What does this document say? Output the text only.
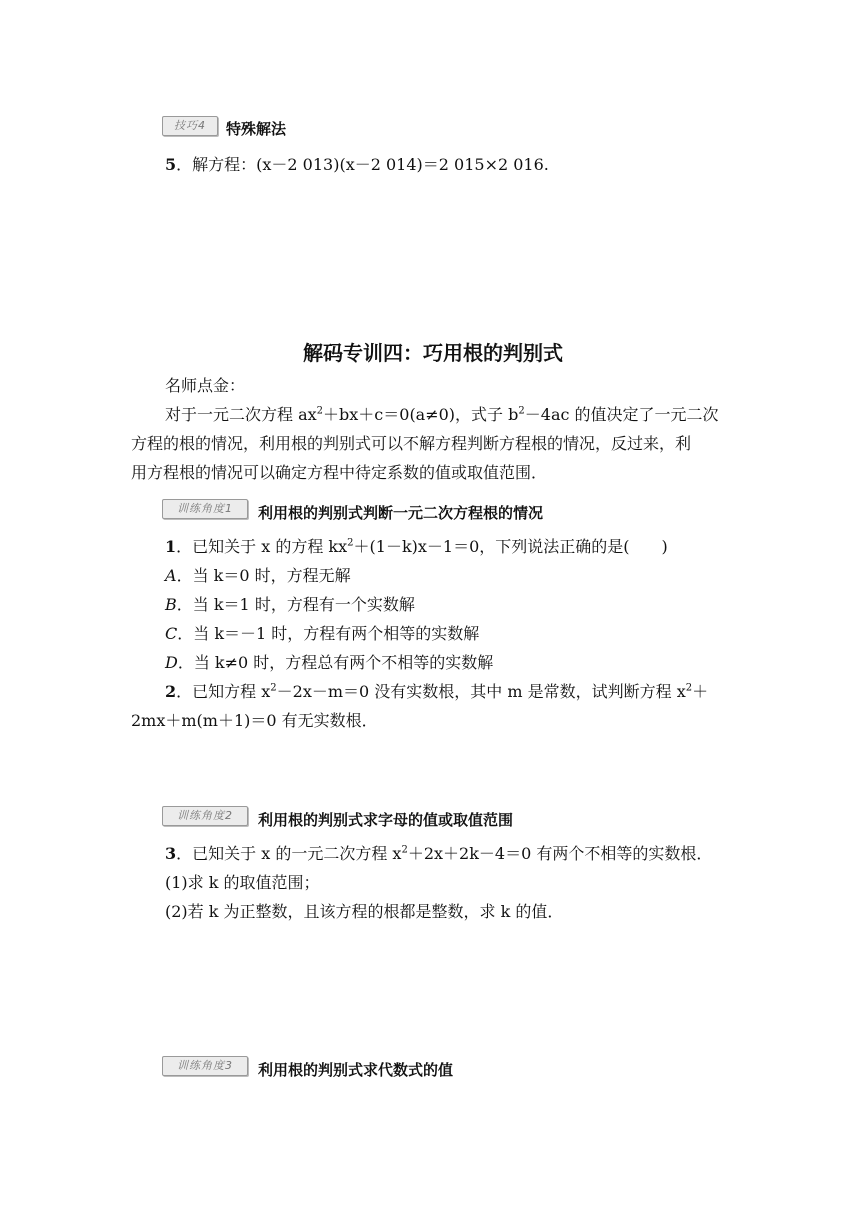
技巧4	特殊解法
5．解方程：(x－2 013)(x－2 014)＝2 015×2 016.
解码专训四：巧用根的判别式
名师点金：
对于一元二次方程 $ax^2+bx+c=0(a\ne 0)$，式子 $b^2-4ac$ 的值决定了一元二次
方程的根的情况，利用根的判别式可以不解方程判断方程根的情况，反过来，利
用方程根的情况可以确定方程中待定系数的值或取值范围．
训练角度1	利用根的判别式判断一元二次方程根的情况
1．已知关于 x 的方程 $kx^2+(1-k)x-1=0$，下列说法正确的是(　　)
A．当 k＝0 时，方程无解
B．当 k＝1 时，方程有一个实数解
C．当 k＝－1 时，方程有两个相等的实数解
D．当 k≠0 时，方程总有两个不相等的实数解
2．已知方程 $x^2-2x-m=0$ 没有实数根，其中 m 是常数，试判断方程 $x^2+$
2mx＋m(m＋1)＝0 有无实数根．
训练角度2	利用根的判别式求字母的值或取值范围
3．已知关于 x 的一元二次方程 $x^2+2x+2k-4=0$ 有两个不相等的实数根．
(1)求 k 的取值范围；
(2)若 k 为正整数，且该方程的根都是整数，求 k 的值．
训练角度3	利用根的判别式求代数式的值
